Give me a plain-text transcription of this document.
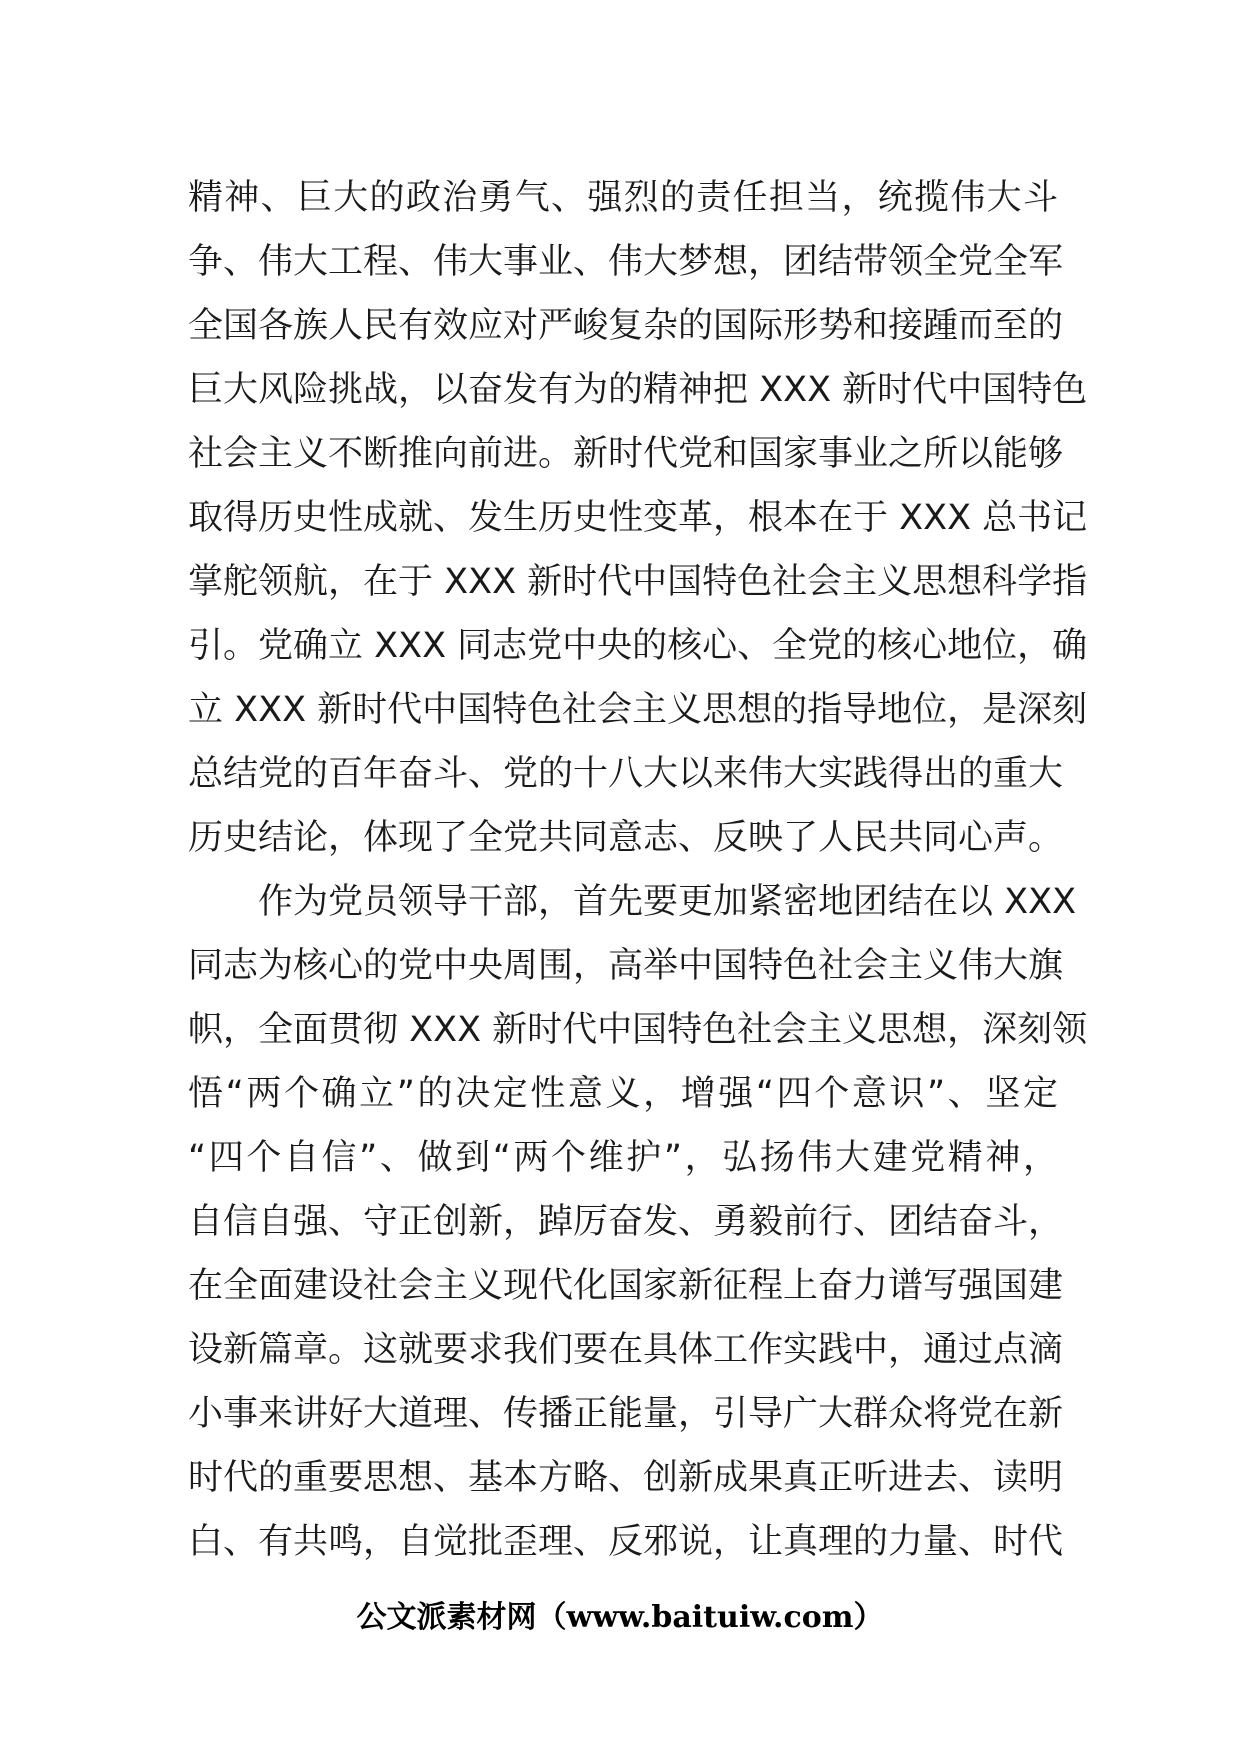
精神、巨大的政治勇气、强烈的责任担当，统揽伟大斗
争、伟大工程、伟大事业、伟大梦想，团结带领全党全军
全国各族人民有效应对严峻复杂的国际形势和接踵而至的
巨大风险挑战，以奋发有为的精神把 XXX 新时代中国特色
社会主义不断推向前进。新时代党和国家事业之所以能够
取得历史性成就、发生历史性变革，根本在于 XXX 总书记
掌舵领航，在于 XXX 新时代中国特色社会主义思想科学指
引。党确立 XXX 同志党中央的核心、全党的核心地位，确
立 XXX 新时代中国特色社会主义思想的指导地位，是深刻
总结党的百年奋斗、党的十八大以来伟大实践得出的重大
历史结论，体现了全党共同意志、反映了人民共同心声。
作为党员领导干部，首先要更加紧密地团结在以 XXX
同志为核心的党中央周围，高举中国特色社会主义伟大旗
帜，全面贯彻 XXX 新时代中国特色社会主义思想，深刻领
悟“两个确立”的决定性意义，增强“四个意识”、坚定
“四个自信”、做到“两个维护”，弘扬伟大建党精神，
自信自强、守正创新，踔厉奋发、勇毅前行、团结奋斗，
在全面建设社会主义现代化国家新征程上奋力谱写强国建
设新篇章。这就要求我们要在具体工作实践中，通过点滴
小事来讲好大道理、传播正能量，引导广大群众将党在新
时代的重要思想、基本方略、创新成果真正听进去、读明
白、有共鸣，自觉批歪理、反邪说，让真理的力量、时代
公文派素材网（www.baituiw.com）
